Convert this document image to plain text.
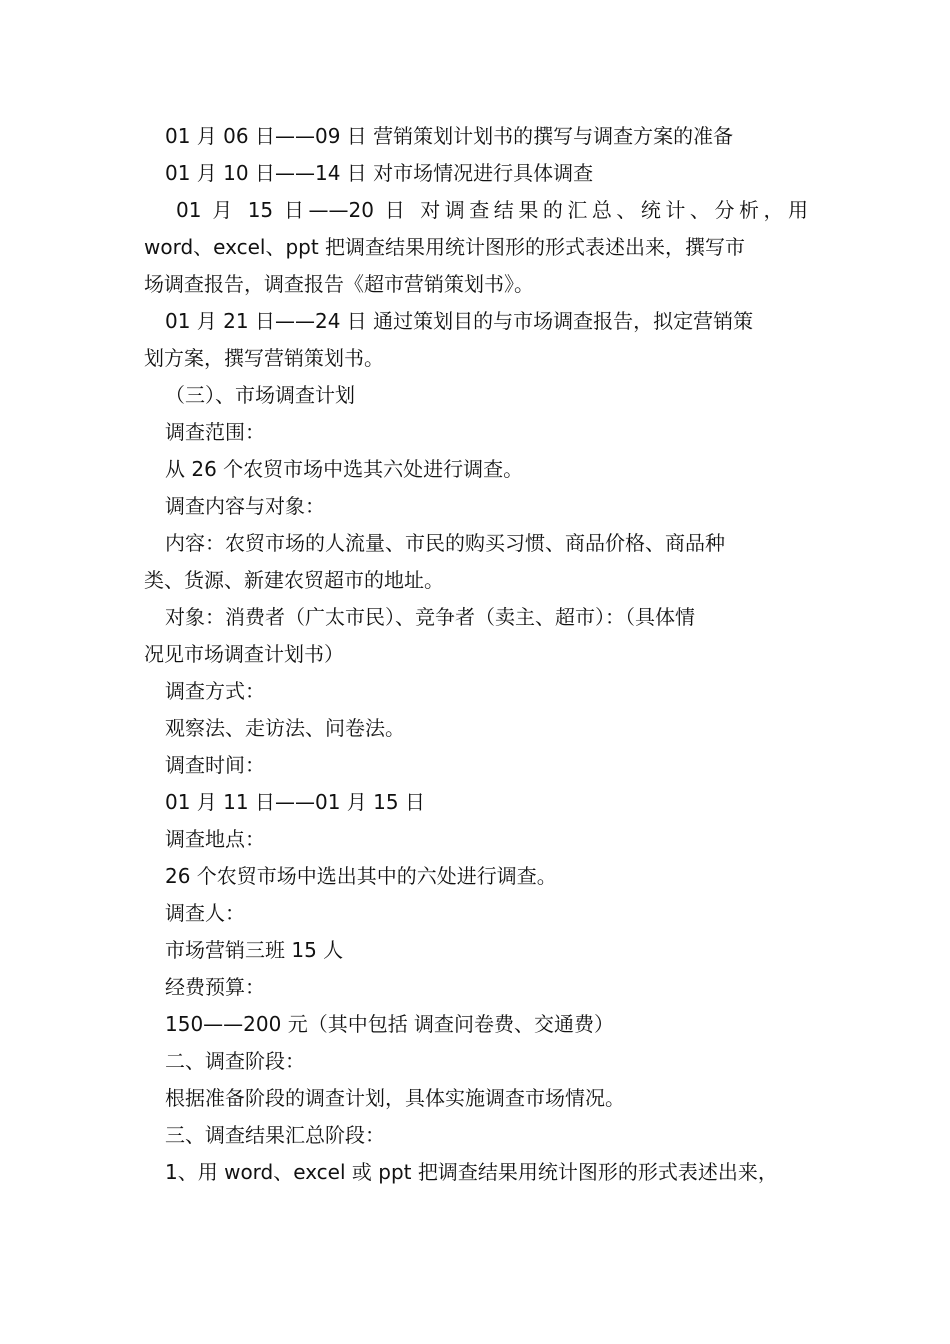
01 月 06 日——09 日 营销策划计划书的撰写与调查方案的准备
01 月 10 日——14 日 对市场情况进行具体调查
01 月 15 日——20 日 对调查结果的汇总、统计、分析，用
word、excel、ppt 把调查结果用统计图形的形式表述出来，撰写市
场调查报告，调查报告《超市营销策划书》。
01 月 21 日——24 日 通过策划目的与市场调查报告，拟定营销策
划方案，撰写营销策划书。
（三）、市场调查计划
调查范围：
从 26 个农贸市场中选其六处进行调查。
调查内容与对象：
内容：农贸市场的人流量、市民的购买习惯、商品价格、商品种
类、货源、新建农贸超市的地址。
对象：消费者（广太市民）、竞争者（卖主、超市）：（具体情
况见市场调查计划书）
调查方式：
观察法、走访法、问卷法。
调查时间：
01 月 11 日——01 月 15 日
调查地点：
26 个农贸市场中选出其中的六处进行调查。
调查人：
市场营销三班 15 人
经费预算：
150——200 元（其中包括 调查问卷费、交通费）
二、调查阶段：
根据准备阶段的调查计划，具体实施调查市场情况。
三、调查结果汇总阶段：
1、用 word、excel 或 ppt 把调查结果用统计图形的形式表述出来，
